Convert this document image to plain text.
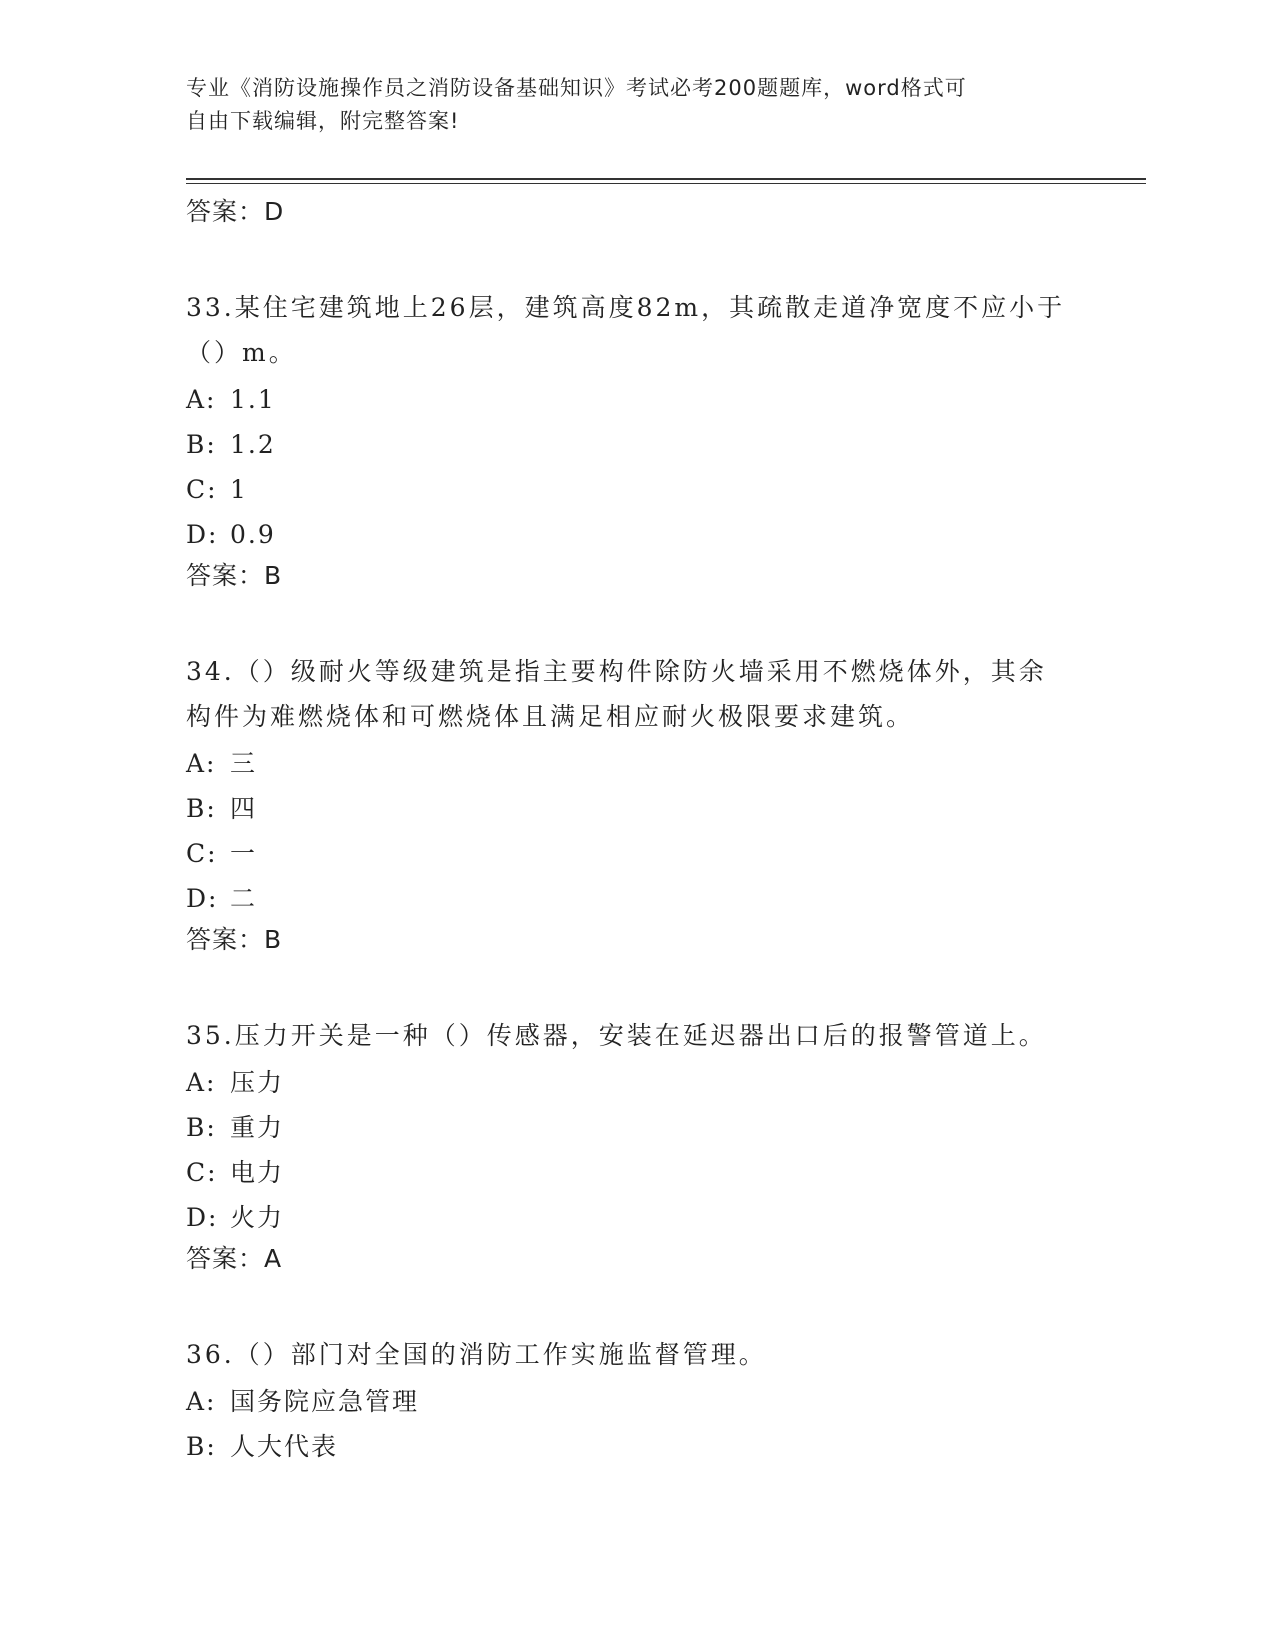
专业《消防设施操作员之消防设备基础知识》考试必考200题题库，word格式可
自由下载编辑，附完整答案!
答案：D
33.某住宅建筑地上26层，建筑高度82m，其疏散走道净宽度不应小于
（）m。
A: 1.1
B: 1.2
C: 1
D: 0.9
答案：B
34.（）级耐火等级建筑是指主要构件除防火墙采用不燃烧体外，其余
构件为难燃烧体和可燃烧体且满足相应耐火极限要求建筑。
A: 三
B: 四
C: 一
D: 二
答案：B
35.压力开关是一种（）传感器，安装在延迟器出口后的报警管道上。
A: 压力
B: 重力
C: 电力
D: 火力
答案：A
36.（）部门对全国的消防工作实施监督管理。
A: 国务院应急管理
B: 人大代表
